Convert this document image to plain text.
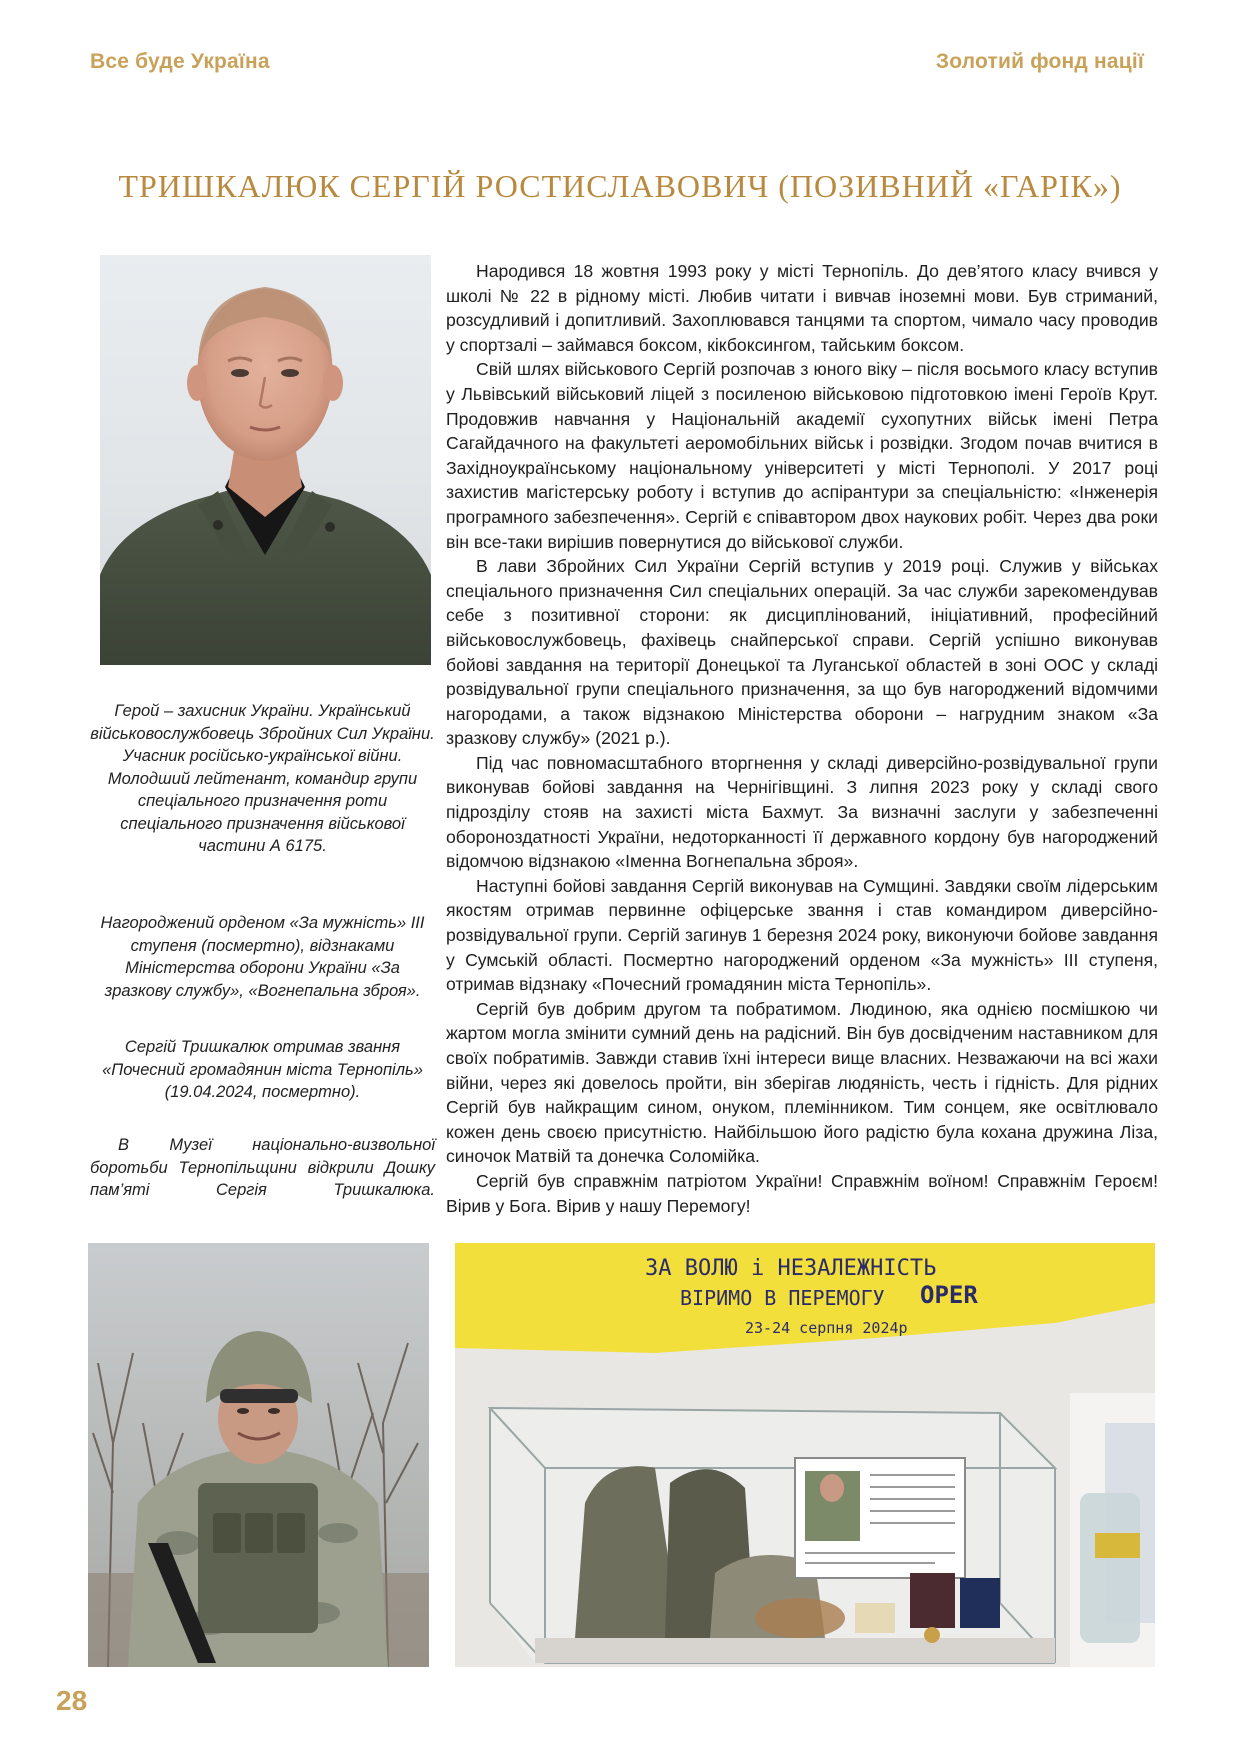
Все буде Україна	Золотий фонд нації
ТРИШКАЛЮК СЕРГІЙ РОСТИСЛАВОВИЧ (ПОЗИВНИЙ «ГАРІК»)
Герой – захисник України. Український військовослужбовець Збройних Сил України. Учасник російсько-української війни. Молодший лейтенант, командир групи спеціального призначення роти спеціального призначення військової частини А 6175.
Нагороджений орденом «За мужність» ІІІ ступеня (посмертно), відзнаками Міністерства оборони України «За зразкову службу», «Вогнепальна зброя».
Сергій Тришкалюк отримав звання «Почесний громадянин міста Тернопіль» (19.04.2024, посмертно).
В Музеї національно-визвольної боротьби Тернопільщини відкрили Дошку пам’яті Сергія Тришкалюка.

Народився 18 жовтня 1993 року у місті Тернопіль. До дев’ятого класу вчився у школі № 22 в рідному місті. Любив читати і вивчав іноземні мови. Був стриманий, розсудливий і допитливий. Захоплювався танцями та спортом, чимало часу проводив у спортзалі – займався боксом, кікбоксингом, тайським боксом.

Свій шлях військового Сергій розпочав з юного віку – після восьмого класу вступив у Львівський військовий ліцей з посиленою військовою підготовкою імені Героїв Крут. Продовжив навчання у Національній академії сухопутних військ імені Петра Сагайдачного на факультеті аеромобільних військ і розвідки. Згодом почав вчитися в Західноукраїнському національному університеті у місті Тернополі. У 2017 році захистив магістерську роботу і вступив до аспірантури за спеціальністю: «Інженерія програмного забезпечення». Сергій є співавтором двох наукових робіт. Через два роки він все-таки вирішив повернутися до військової служби.

В лави Збройних Сил України Сергій вступив у 2019 році. Служив у військах спеціального призначення Сил спеціальних операцій. За час служби зарекомендував себе з позитивної сторони: як дисциплінований, ініціативний, професійний військовослужбовець, фахівець снайперської справи. Сергій успішно виконував бойові завдання на території Донецької та Луганської областей в зоні ООС у складі розвідувальної групи спеціального призначення, за що був нагороджений відомчими нагородами, а також відзнакою Міністерства оборони – нагрудним знаком «За зразкову службу» (2021 р.).

Під час повномасштабного вторгнення у складі диверсійно-розвідувальної групи виконував бойові завдання на Чернігівщині. З липня 2023 року у складі свого підрозділу стояв на захисті міста Бахмут. За визначні заслуги у забезпеченні обороноздатності України, недоторканності її державного кордону був нагороджений відомчою відзнакою «Іменна Вогнепальна зброя».

Наступні бойові завдання Сергій виконував на Сумщині. Завдяки своїм лідерським якостям отримав первинне офіцерське звання і став командиром диверсійно-розвідувальної групи. Сергій загинув 1 березня 2024 року, виконуючи бойове завдання у Сумській області. Посмертно нагороджений орденом «За мужність» ІІІ ступеня, отримав відзнаку «Почесний громадянин міста Тернопіль».

Сергій був добрим другом та побратимом. Людиною, яка однією посмішкою чи жартом могла змінити сумний день на радісний. Він був досвідченим наставником для своїх побратимів. Завжди ставив їхні інтереси вище власних. Незважаючи на всі жахи війни, через які довелось пройти, він зберігав людяність, честь і гідність. Для рідних Сергій був найкращим сином, онуком, племінником. Тим сонцем, яке освітлювало кожен день своєю присутністю. Найбільшою його радістю була кохана дружина Ліза, синочок Матвій та донечка Соломійка.

Сергій був справжнім патріотом України! Справжнім воїном! Справжнім Героєм! Вірив у Бога. Вірив у нашу Перемогу!

ЗА ВОЛЮ і НЕЗАЛЕЖНІСТЬ
ВІРИМО В ПЕРЕМОГУ
23-24 серпня 2024р
OPER
28
